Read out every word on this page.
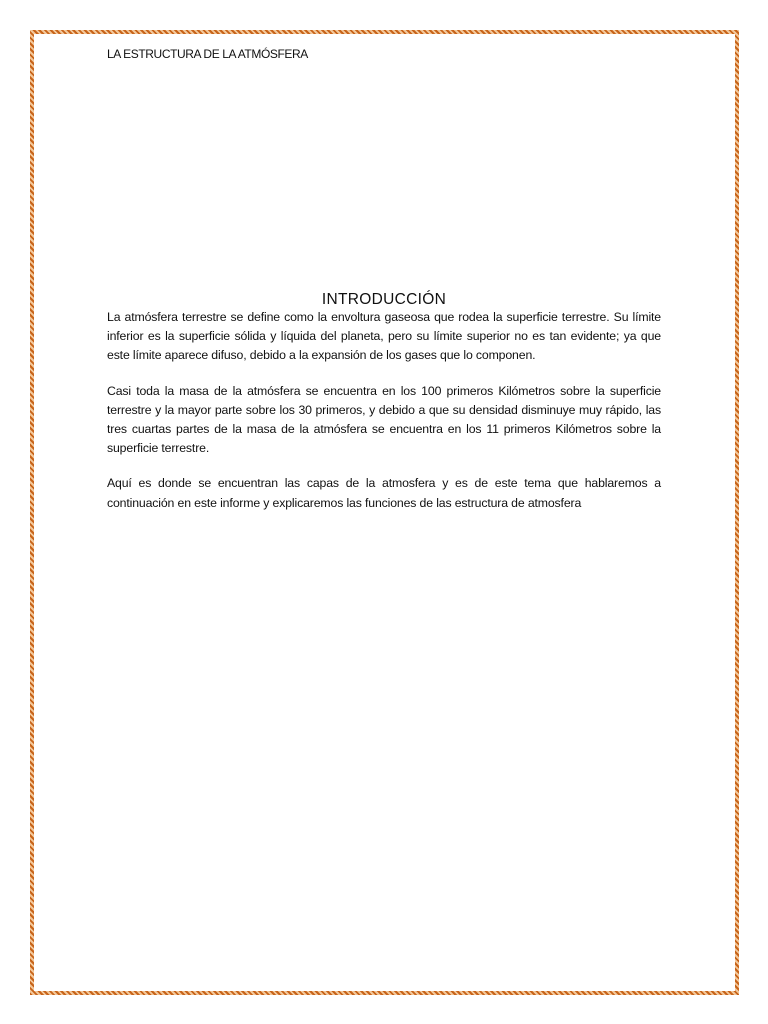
LA ESTRUCTURA DE LA ATMÓSFERA
INTRODUCCIÓN

La atmósfera terrestre se define como la envoltura gaseosa que rodea la superficie terrestre. Su límite inferior es la superficie sólida y líquida del planeta, pero su límite superior no es tan evidente; ya que este límite aparece difuso, debido a la expansión de los gases que lo componen.

Casi toda la masa de la atmósfera se encuentra en los 100 primeros Kilómetros sobre la superficie terrestre y la mayor parte sobre los 30 primeros, y debido a que su densidad disminuye muy rápido, las tres cuartas partes de la masa de la atmósfera se encuentra en los 11 primeros Kilómetros sobre la superficie terrestre.

Aquí es donde se encuentran las capas de la atmosfera y es de este tema que hablaremos a continuación en este informe y explicaremos las funciones de las estructura de atmosfera
